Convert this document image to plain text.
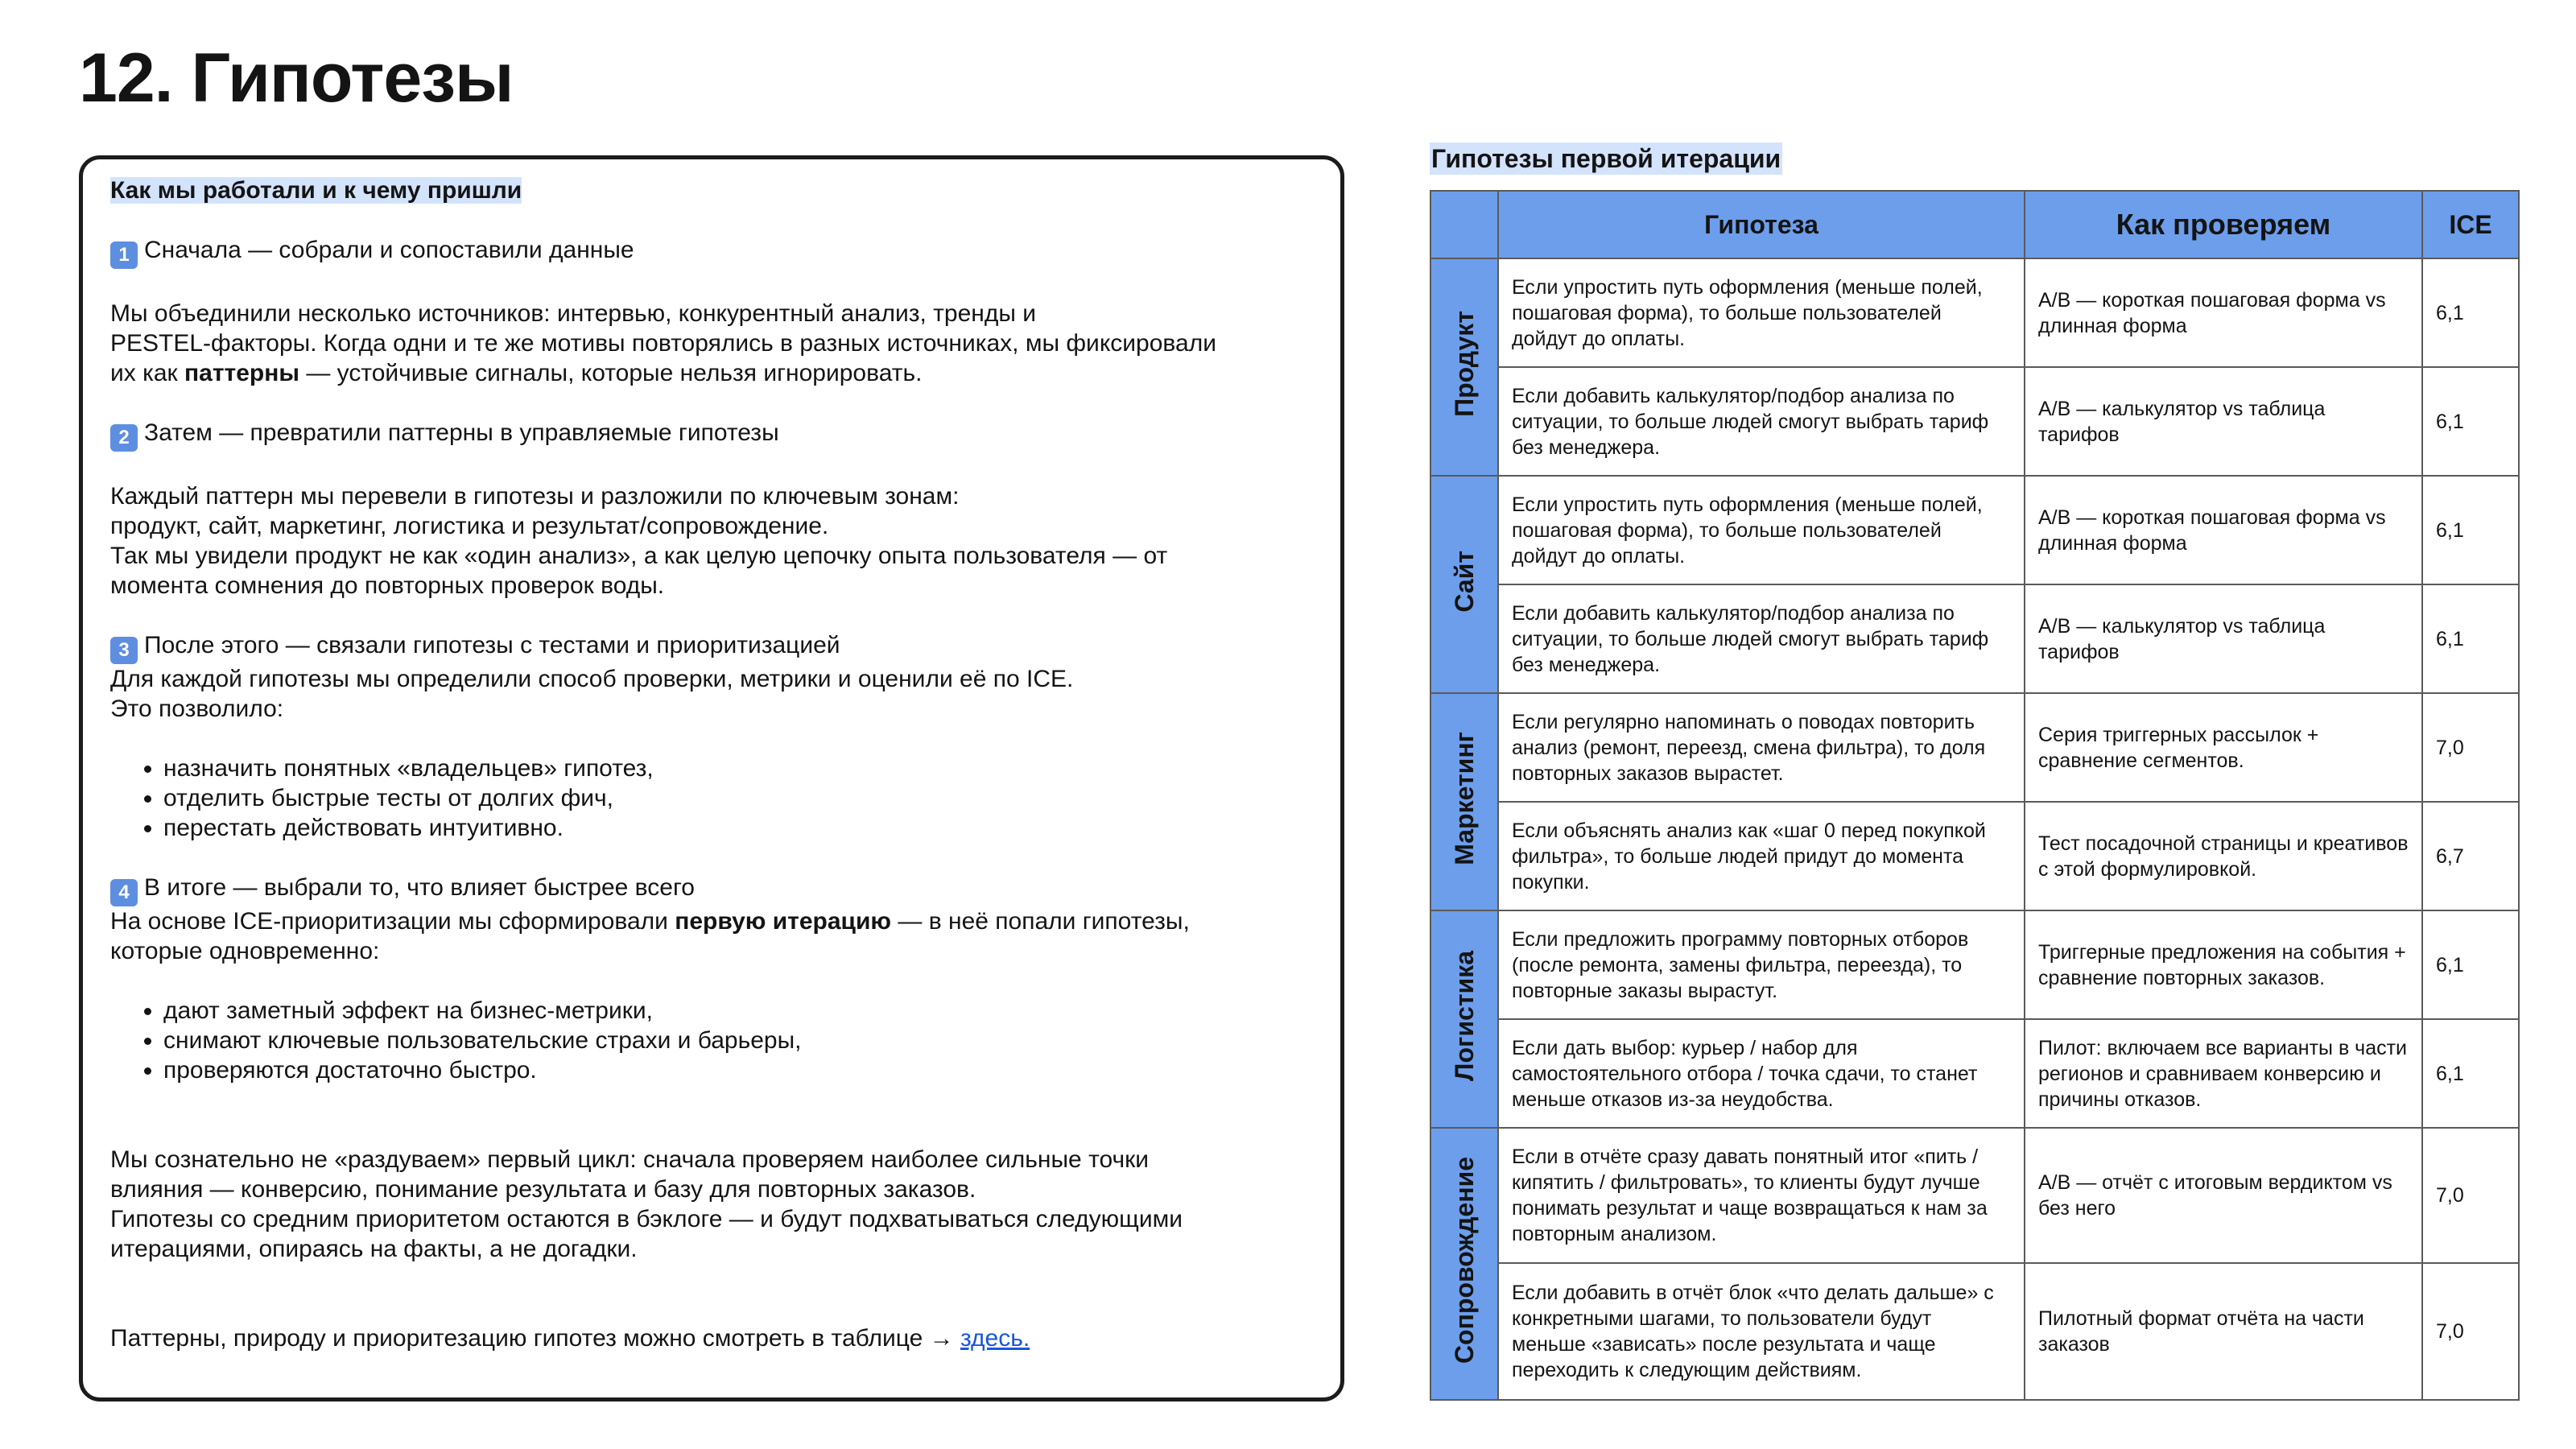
12. Гипотезы

Как мы работали и к чему пришли

1 Сначала — собрали и сопоставили данные

Мы объединили несколько источников: интервью, конкурентный анализ, тренды и
PESTEL-факторы. Когда одни и те же мотивы повторялись в разных источниках, мы фиксировали
их как паттерны — устойчивые сигналы, которые нельзя игнорировать.

2 Затем — превратили паттерны в управляемые гипотезы

Каждый паттерн мы перевели в гипотезы и разложили по ключевым зонам:
продукт, сайт, маркетинг, логистика и результат/сопровождение.
Так мы увидели продукт не как «один анализ», а как целую цепочку опыта пользователя — от
момента сомнения до повторных проверок воды.

3 После этого — связали гипотезы с тестами и приоритизацией

Для каждой гипотезы мы определили способ проверки, метрики и оценили её по ICE.
Это позволило:

• назначить понятных «владельцев» гипотез,
• отделить быстрые тесты от долгих фич,
• перестать действовать интуитивно.

4 В итоге — выбрали то, что влияет быстрее всего

На основе ICE-приоритизации мы сформировали первую итерацию — в неё попали гипотезы,
которые одновременно:

• дают заметный эффект на бизнес-метрики,
• снимают ключевые пользовательские страхи и барьеры,
• проверяются достаточно быстро.

Мы сознательно не «раздуваем» первый цикл: сначала проверяем наиболее сильные точки
влияния — конверсию, понимание результата и базу для повторных заказов.
Гипотезы со средним приоритетом остаются в бэклоге — и будут подхватываться следующими
итерациями, опираясь на факты, а не догадки.

Паттерны, природу и приоритезацию гипотез можно смотреть в таблице → здесь.

Гипотезы первой итерации
	Гипотеза	Как проверяем	ICE
Продукт	Если упростить путь оформления (меньше полей, пошаговая форма), то больше пользователей дойдут до оплаты.	A/B — короткая пошаговая форма vs длинная форма	6,1
	Если добавить калькулятор/подбор анализа по ситуации, то больше людей смогут выбрать тариф без менеджера.	A/B — калькулятор vs таблица тарифов	6,1
Сайт	Если упростить путь оформления (меньше полей, пошаговая форма), то больше пользователей дойдут до оплаты.	A/B — короткая пошаговая форма vs длинная форма	6,1
	Если добавить калькулятор/подбор анализа по ситуации, то больше людей смогут выбрать тариф без менеджера.	A/B — калькулятор vs таблица тарифов	6,1
Маркетинг	Если регулярно напоминать о поводах повторить анализ (ремонт, переезд, смена фильтра), то доля повторных заказов вырастет.	Серия триггерных рассылок + сравнение сегментов.	7,0
	Если объяснять анализ как «шаг 0 перед покупкой фильтра», то больше людей придут до момента покупки.	Тест посадочной страницы и креативов с этой формулировкой.	6,7
Логистика	Если предложить программу повторных отборов (после ремонта, замены фильтра, переезда), то повторные заказы вырастут.	Триггерные предложения на события + сравнение повторных заказов.	6,1
	Если дать выбор: курьер / набор для самостоятельного отбора / точка сдачи, то станет меньше отказов из-за неудобства.	Пилот: включаем все варианты в части регионов и сравниваем конверсию и причины отказов.	6,1
Сопровождение	Если в отчёте сразу давать понятный итог «пить / кипятить / фильтровать», то клиенты будут лучше понимать результат и чаще возвращаться к нам за повторным анализом.	A/B — отчёт с итоговым вердиктом vs без него	7,0
	Если добавить в отчёт блок «что делать дальше» с конкретными шагами, то пользователи будут меньше «зависать» после результата и чаще переходить к следующим действиям.	Пилотный формат отчёта на части заказов	7,0
